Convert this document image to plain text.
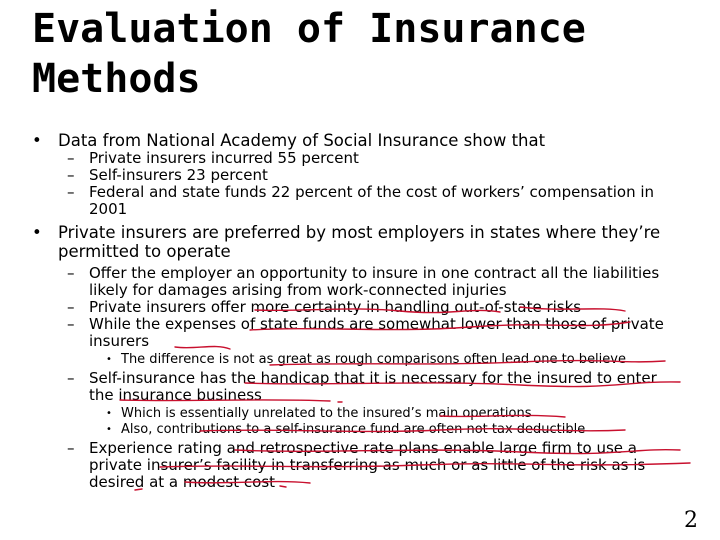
Evaluation of Insurance Methods
• Data from National Academy of Social Insurance show that
– Private insurers incurred 55 percent
– Self-insurers 23 percent
– Federal and state funds 22 percent of the cost of workers’ compensation in 2001
• Private insurers are preferred by most employers in states where they’re permitted to operate
– Offer the employer an opportunity to insure in one contract all the liabilities likely for damages arising from work-connected injuries
– Private insurers offer more certainty in handling out-of-state risks
– While the expenses of state funds are somewhat lower than those of private insurers
• The difference is not as great as rough comparisons often lead one to believe
– Self-insurance has the handicap that it is necessary for the insured to enter the insurance business
• Which is essentially unrelated to the insured’s main operations
• Also, contributions to a self-insurance fund are often not tax deductible
– Experience rating and retrospective rate plans enable large firm to use a private insurer’s facility in transferring as much or as little of the risk as is desired at a modest cost
2
